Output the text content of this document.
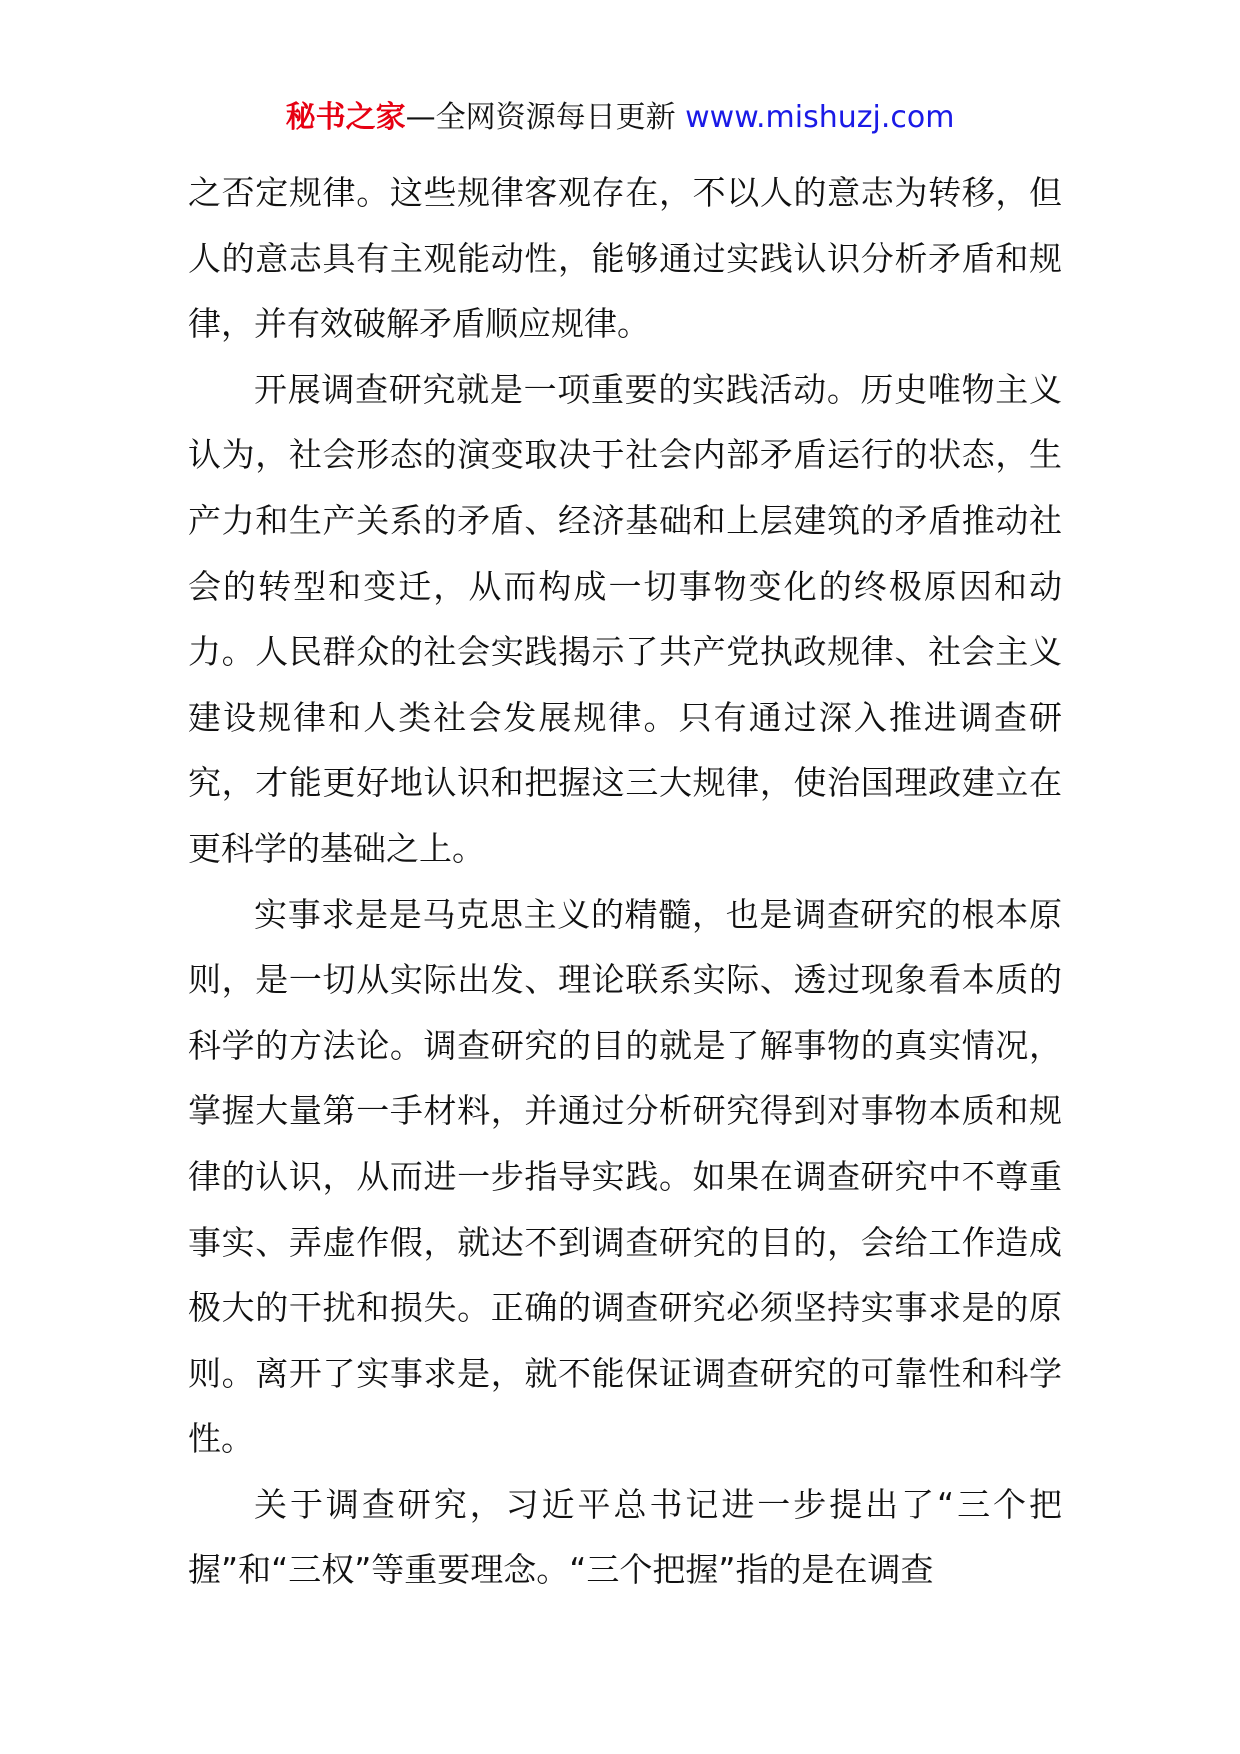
秘书之家—全网资源每日更新 www.mishuzj.com

之否定规律。这些规律客观存在，不以人的意志为转移，但人的意志具有主观能动性，能够通过实践认识分析矛盾和规律，并有效破解矛盾顺应规律。

开展调查研究就是一项重要的实践活动。历史唯物主义认为，社会形态的演变取决于社会内部矛盾运行的状态，生产力和生产关系的矛盾、经济基础和上层建筑的矛盾推动社会的转型和变迁，从而构成一切事物变化的终极原因和动力。人民群众的社会实践揭示了共产党执政规律、社会主义建设规律和人类社会发展规律。只有通过深入推进调查研究，才能更好地认识和把握这三大规律，使治国理政建立在更科学的基础之上。

实事求是是马克思主义的精髓，也是调查研究的根本原则，是一切从实际出发、理论联系实际、透过现象看本质的科学的方法论。调查研究的目的就是了解事物的真实情况，掌握大量第一手材料，并通过分析研究得到对事物本质和规律的认识，从而进一步指导实践。如果在调查研究中不尊重事实、弄虚作假，就达不到调查研究的目的，会给工作造成极大的干扰和损失。正确的调查研究必须坚持实事求是的原则。离开了实事求是，就不能保证调查研究的可靠性和科学性。

关于调查研究，习近平总书记进一步提出了“三个把握”和“三权”等重要理念。“三个把握”指的是在调查
